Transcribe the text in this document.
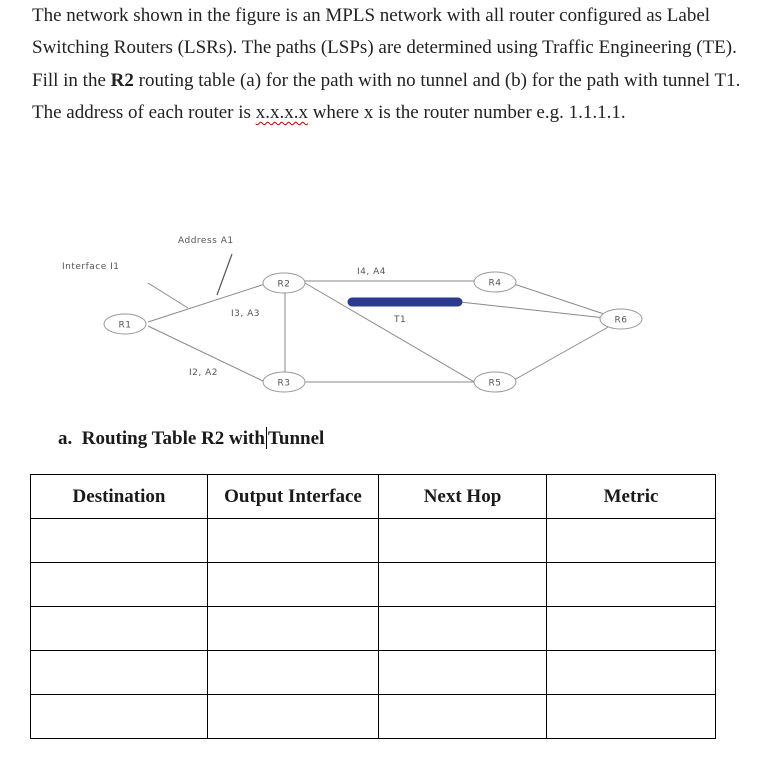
The network shown in the figure is an MPLS network with all router configured as Label Switching Routers (LSRs). The paths (LSPs) are determined using Traffic Engineering (TE). Fill in the R2 routing table (a) for the path with no tunnel and (b) for the path with tunnel T1. The address of each router is x.x.x.x where x is the router number e.g. 1.1.1.1.

R1
R2
R3
R4
R5
R6
Address A1
Interface I1	I4, A4
I3, A3
T1
I2, A2
a. Routing Table R2 with Tunnel
Destination	Output Interface	Next Hop	Metric
